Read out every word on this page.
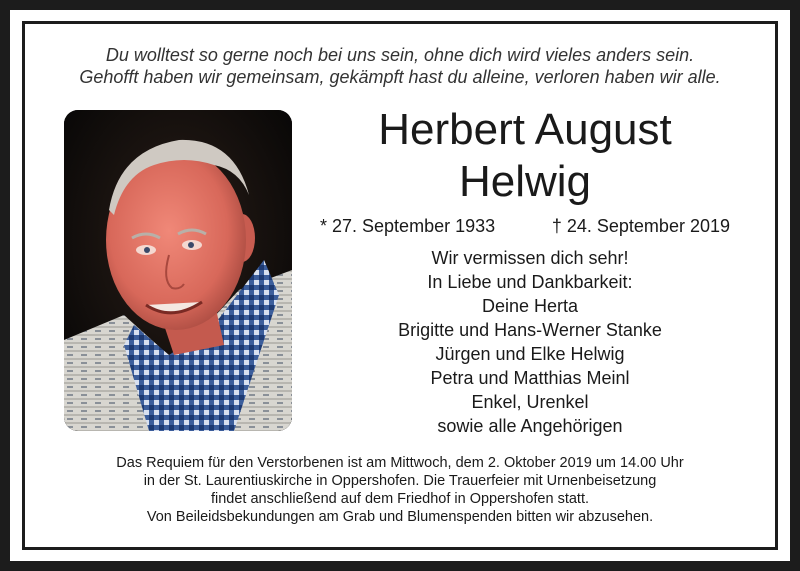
Du wolltest so gerne noch bei uns sein, ohne dich wird vieles anders sein.
Gehofft haben wir gemeinsam, gekämpft hast du alleine, verloren haben wir alle.
Herbert August
Helwig
* 27. September 1933	† 24. September 2019
Wir vermissen dich sehr!
In Liebe und Dankbarkeit:
Deine Herta
Brigitte und Hans-Werner Stanke
Jürgen und Elke Helwig
Petra und Matthias Meinl
Enkel, Urenkel
sowie alle Angehörigen
Das Requiem für den Verstorbenen ist am Mittwoch, dem 2. Oktober 2019 um 14.00 Uhr
in der St. Laurentiuskirche in Oppershofen. Die Trauerfeier mit Urnenbeisetzung
findet anschließend auf dem Friedhof in Oppershofen statt.
Von Beileidsbekundungen am Grab und Blumenspenden bitten wir abzusehen.
